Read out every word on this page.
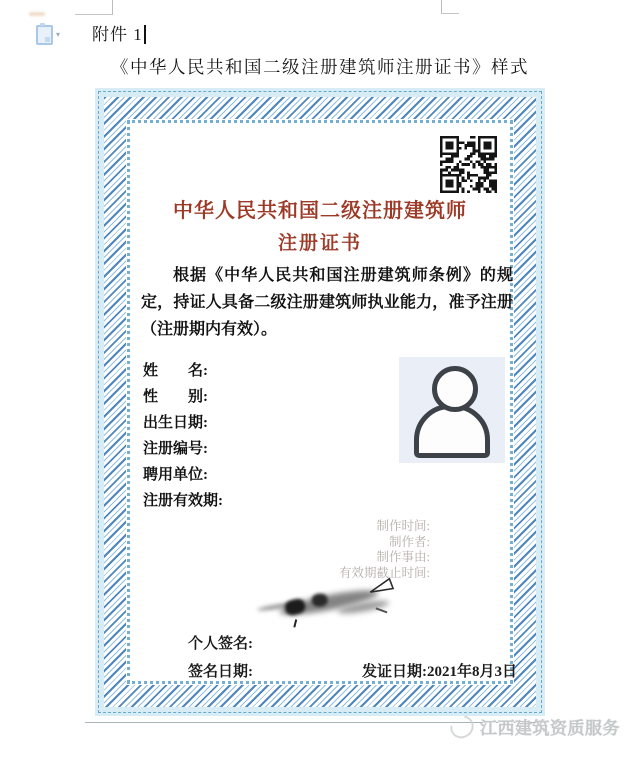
▾ 附件 1
《中华人民共和国二级注册建筑师注册证书》样式
中华人民共和国二级注册建筑师
注册证书
根据《中华人民共和国注册建筑师条例》的规定，持证人具备二级注册建筑师执业能力，准予注册（注册期内有效）。
姓　　名:
性　　别:
出生日期:
注册编号:
聘用单位:
注册有效期:
制作时间:
制作者:
制作事由:
有效期截止时间:
个人签名:
签名日期:	发证日期:2021年8月3日
江西建筑资质服务
